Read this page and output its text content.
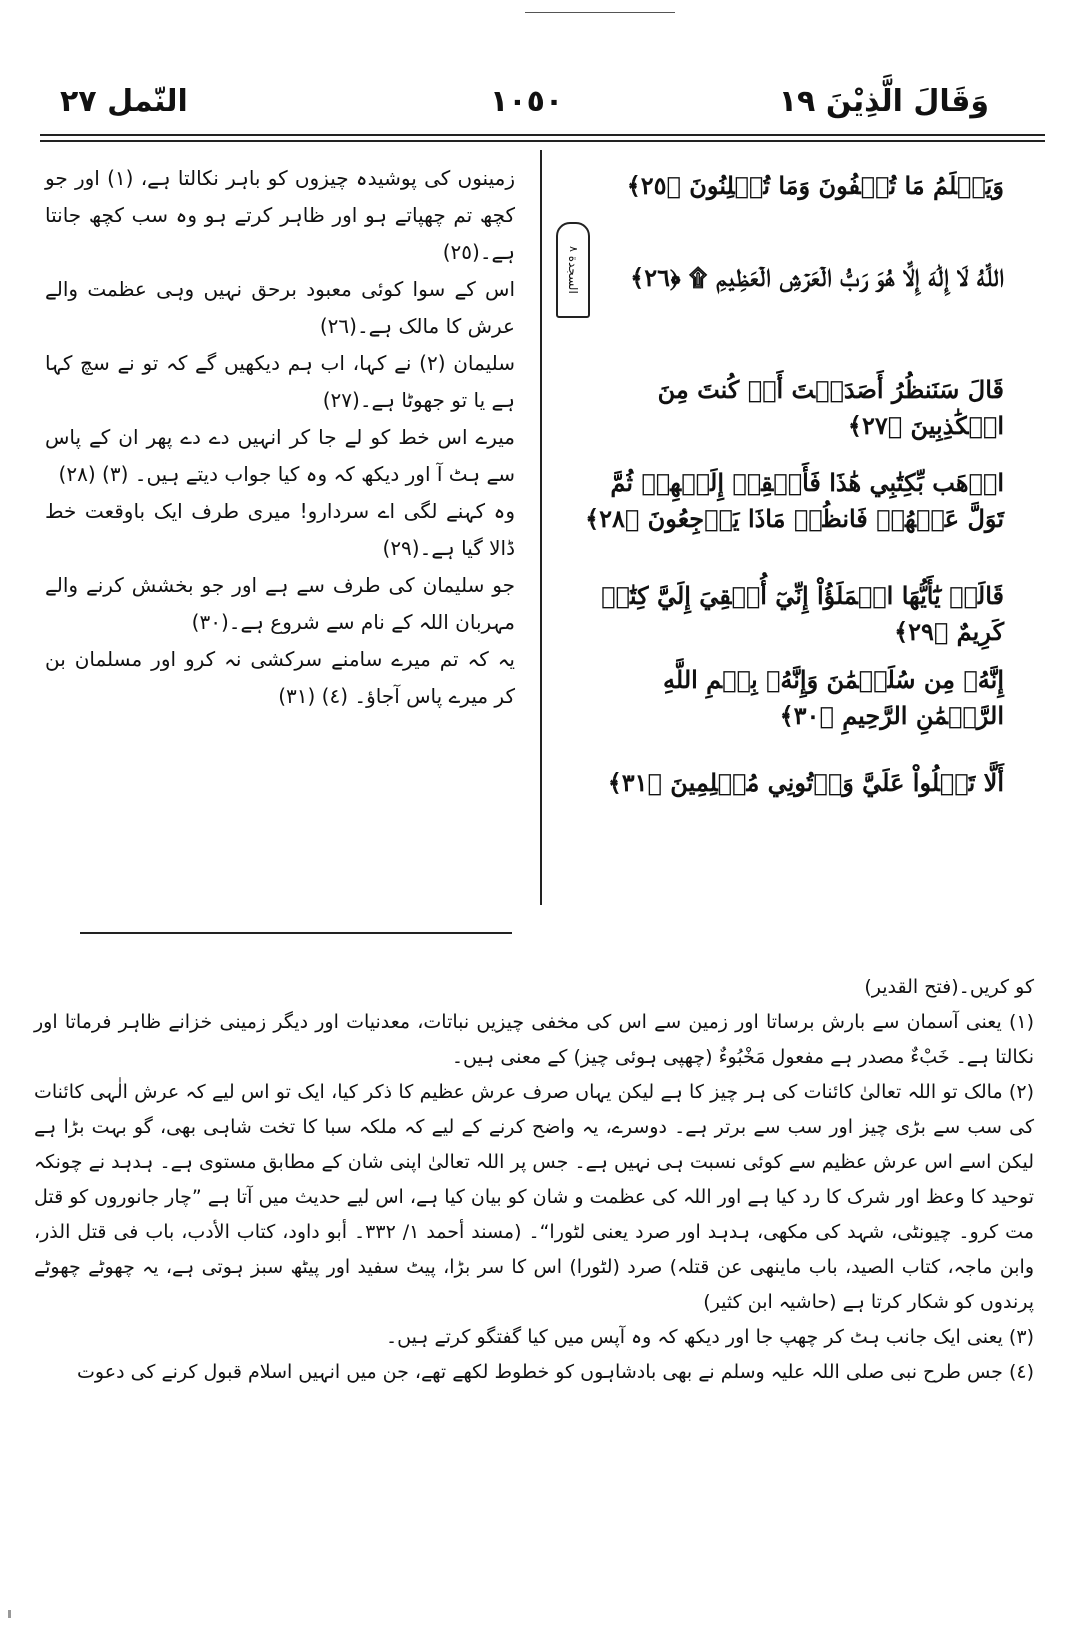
وَقَالَ الَّذِيْنَ ١٩
١٠٥٠
النّمل ٢٧
السجدة ٨
وَيَعۡلَمُ مَا تُخۡفُونَ وَمَا تُعۡلِنُونَ ﴿٢٥﴾
اللَّهُ لَا إِلَٰهَ إِلَّا هُوَ رَبُّ الۡعَرۡشِ الۡعَظِيمِ ۩ ﴿٢٦﴾
قَالَ سَنَنظُرُ أَصَدَقۡتَ أَمۡ كُنتَ مِنَ الۡكَٰذِبِينَ ﴿٢٧﴾
اذۡهَب بِّكِتَٰبِي هَٰذَا فَأَلۡقِهۡ إِلَيۡهِمۡ ثُمَّ تَوَلَّ عَنۡهُمۡ فَانظُرۡ مَاذَا يَرۡجِعُونَ ﴿٢٨﴾
قَالَتۡ يَٰٓأَيُّهَا الۡمَلَؤُاْ إِنِّيٓ أُلۡقِيَ إِلَيَّ كِتَٰبٞ كَرِيمٌ ﴿٢٩﴾
إِنَّهُۥ مِن سُلَيۡمَٰنَ وَإِنَّهُۥ بِسۡمِ اللَّهِ الرَّحۡمَٰنِ الرَّحِيمِ ﴿٣٠﴾
أَلَّا تَعۡلُواْ عَلَيَّ وَأۡتُونِي مُسۡلِمِينَ ﴿٣١﴾

زمینوں کی پوشیدہ چیزوں کو باہر نکالتا ہے، (١) اور جو کچھ تم چھپاتے ہو اور ظاہر کرتے ہو وہ سب کچھ جانتا ہے۔(٢٥)

اس کے سوا کوئی معبود برحق نہیں وہی عظمت والے عرش کا مالک ہے۔(٢٦)

سلیمان (٢) نے کہا، اب ہم دیکھیں گے کہ تو نے سچ کہا ہے یا تو جھوٹا ہے۔(٢٧)

میرے اس خط کو لے جا کر انہیں دے دے پھر ان کے پاس سے ہٹ آ اور دیکھ کہ وہ کیا جواب دیتے ہیں۔ (٣) (٢٨)

وہ کہنے لگی اے سردارو! میری طرف ایک باوقعت خط ڈالا گیا ہے۔(٢٩)

جو سلیمان کی طرف سے ہے اور جو بخشش کرنے والے مہربان اللہ کے نام سے شروع ہے۔(٣٠)

یہ کہ تم میرے سامنے سرکشی نہ کرو اور مسلمان بن کر میرے پاس آجاؤ۔ (٤) (٣١)

کو کریں۔(فتح القدیر)

(١) یعنی آسمان سے بارش برساتا اور زمین سے اس کی مخفی چیزیں نباتات، معدنیات اور دیگر زمینی خزانے ظاہر فرماتا اور نکالتا ہے۔ خَبْءٌ مصدر ہے مفعول مَخْبُوءٌ (چھپی ہوئی چیز) کے معنی ہیں۔

(٢) مالک تو اللہ تعالیٰ کائنات کی ہر چیز کا ہے لیکن یہاں صرف عرش عظیم کا ذکر کیا، ایک تو اس لیے کہ عرش الٰہی کائنات کی سب سے بڑی چیز اور سب سے برتر ہے۔ دوسرے، یہ واضح کرنے کے لیے کہ ملکہ سبا کا تخت شاہی بھی، گو بہت بڑا ہے لیکن اسے اس عرش عظیم سے کوئی نسبت ہی نہیں ہے۔ جس پر اللہ تعالیٰ اپنی شان کے مطابق مستوی ہے۔ ہدہد نے چونکہ توحید کا وعظ اور شرک کا رد کیا ہے اور اللہ کی عظمت و شان کو بیان کیا ہے، اس لیے حدیث میں آتا ہے ”چار جانوروں کو قتل مت کرو۔ چیونٹی، شہد کی مکھی، ہدہد اور صرد یعنی لٹورا“۔ (مسند أحمد ١/ ٣٣٢۔ أبو داود، کتاب الأدب، باب فی قتل الذر، وابن ماجہ، کتاب الصید، باب ماینھی عن قتلہ) صرد (لٹورا) اس کا سر بڑا، پیٹ سفید اور پیٹھ سبز ہوتی ہے، یہ چھوٹے چھوٹے پرندوں کو شکار کرتا ہے (حاشیہ ابن کثیر)

(٣) یعنی ایک جانب ہٹ کر چھپ جا اور دیکھ کہ وہ آپس میں کیا گفتگو کرتے ہیں۔

(٤) جس طرح نبی صلی اللہ علیہ وسلم نے بھی بادشاہوں کو خطوط لکھے تھے، جن میں انہیں اسلام قبول کرنے کی دعوت
